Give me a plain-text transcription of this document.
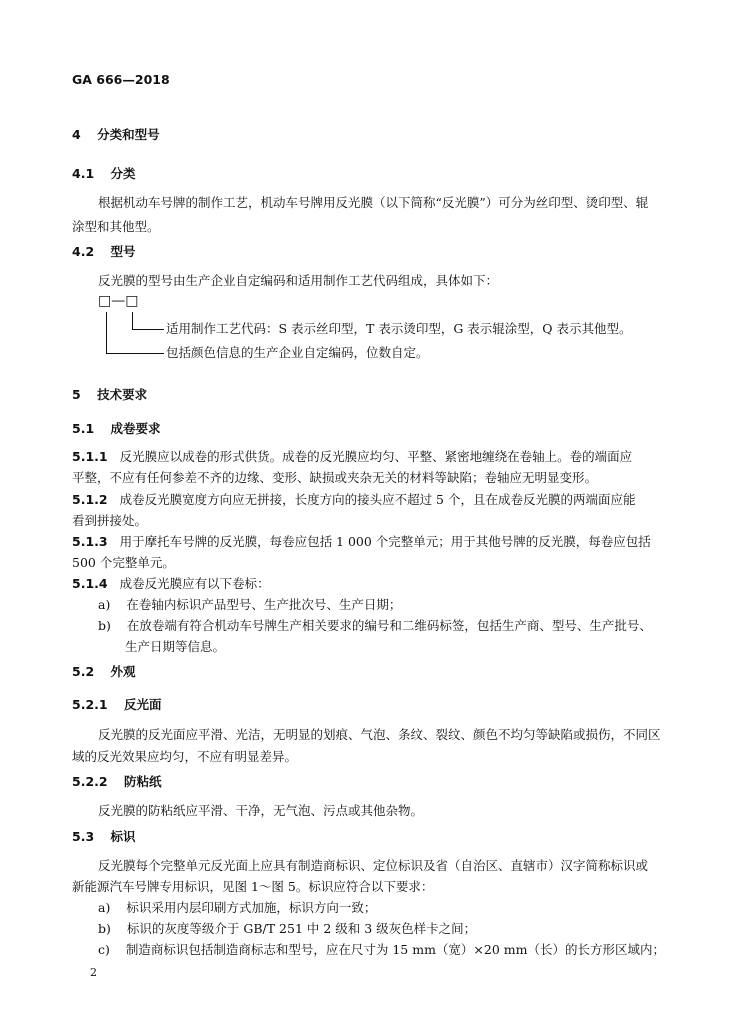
GA 666—2018
4 分类和型号
4.1 分类
根据机动车号牌的制作工艺，机动车号牌用反光膜（以下简称“反光膜”）可分为丝印型、烫印型、辊
涂型和其他型。
4.2 型号
反光膜的型号由生产企业自定编码和适用制作工艺代码组成，具体如下：
□—□
适用制作工艺代码：S 表示丝印型，T 表示烫印型，G 表示辊涂型，Q 表示其他型。
包括颜色信息的生产企业自定编码，位数自定。
5 技术要求
5.1 成卷要求
5.1.1 反光膜应以成卷的形式供货。成卷的反光膜应均匀、平整、紧密地缠绕在卷轴上。卷的端面应
平整，不应有任何参差不齐的边缘、变形、缺损或夹杂无关的材料等缺陷；卷轴应无明显变形。
5.1.2 成卷反光膜宽度方向应无拼接，长度方向的接头应不超过 5 个，且在成卷反光膜的两端面应能
看到拼接处。
5.1.3 用于摩托车号牌的反光膜，每卷应包括 1 000 个完整单元；用于其他号牌的反光膜，每卷应包括
500 个完整单元。
5.1.4 成卷反光膜应有以下卷标：
a) 在卷轴内标识产品型号、生产批次号、生产日期；
b) 在放卷端有符合机动车号牌生产相关要求的编号和二维码标签，包括生产商、型号、生产批号、
生产日期等信息。
5.2 外观
5.2.1 反光面
反光膜的反光面应平滑、光洁，无明显的划痕、气泡、条纹、裂纹、颜色不均匀等缺陷或损伤，不同区
域的反光效果应均匀，不应有明显差异。
5.2.2 防粘纸
反光膜的防粘纸应平滑、干净，无气泡、污点或其他杂物。
5.3 标识
反光膜每个完整单元反光面上应具有制造商标识、定位标识及省（自治区、直辖市）汉字简称标识或
新能源汽车号牌专用标识，见图 1～图 5。标识应符合以下要求：
a) 标识采用内层印刷方式加施，标识方向一致；
b) 标识的灰度等级介于 GB/T 251 中 2 级和 3 级灰色样卡之间；
c) 制造商标识包括制造商标志和型号，应在尺寸为 15 mm（宽）×20 mm（长）的长方形区域内；
2
